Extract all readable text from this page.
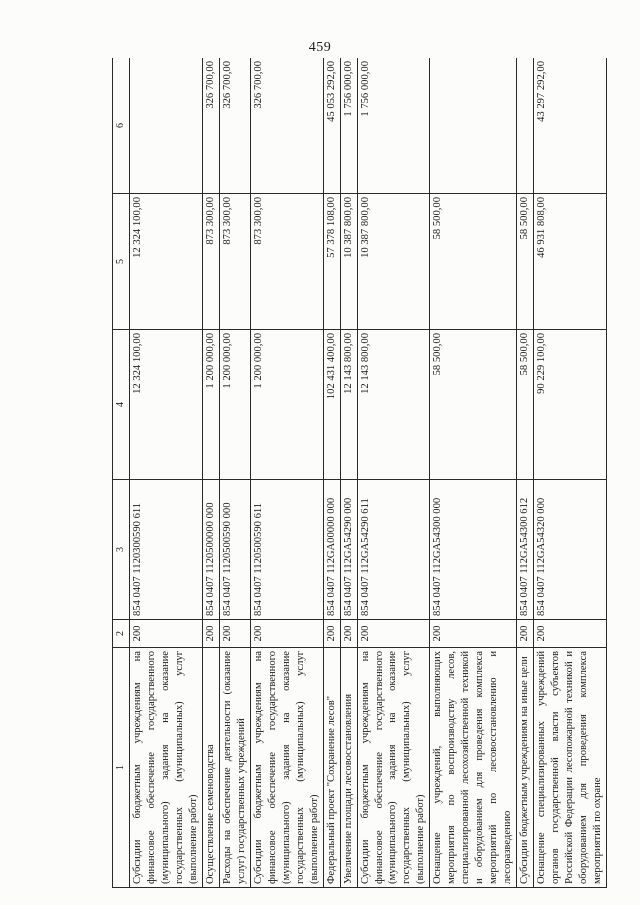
459
1	2	3	4	5	6
Субсидии бюджетным учреждениям на финансовое обеспечение государственного (муниципального) задания на оказание государственных (муниципальных) услуг (выполнение работ)	200	854 0407 1120300590 611	12 324 100,00	12 324 100,00	
Осуществление семеноводства	200	854 0407 1120500000 000	1 200 000,00	873 300,00	326 700,00
Расходы на обеспечение деятельности (оказание услуг) государственных учреждений	200	854 0407 1120500590 000	1 200 000,00	873 300,00	326 700,00
Субсидии бюджетным учреждениям на финансовое обеспечение государственного (муниципального) задания на оказание государственных (муниципальных) услуг (выполнение работ)	200	854 0407 1120500590 611	1 200 000,00	873 300,00	326 700,00
Федеральный проект "Сохранение лесов"	200	854 0407 112GA00000 000	102 431 400,00	57 378 108,00	45 053 292,00
Увеличение площади лесовосстановления	200	854 0407 112GA54290 000	12 143 800,00	10 387 800,00	1 756 000,00
Субсидии бюджетным учреждениям на финансовое обеспечение государственного (муниципального) задания на оказание государственных (муниципальных) услуг (выполнение работ)	200	854 0407 112GA54290 611	12 143 800,00	10 387 800,00	1 756 000,00
Оснащение учреждений, выполняющих мероприятия по воспроизводству лесов, специализированной лесохозяйственной техникой и оборудованием для проведения комплекса мероприятий по лесовосстановлению и лесоразведению	200	854 0407 112GA54300 000	58 500,00	58 500,00	
Субсидии бюджетным учреждениям на иные цели	200	854 0407 112GA54300 612	58 500,00	58 500,00	
Оснащение специализированных учреждений органов государственной власти субъектов Российской Федерации лесопожарной техникой и оборудованием для проведения комплекса мероприятий по охране	200	854 0407 112GA54320 000	90 229 100,00	46 931 808,00	43 297 292,00
